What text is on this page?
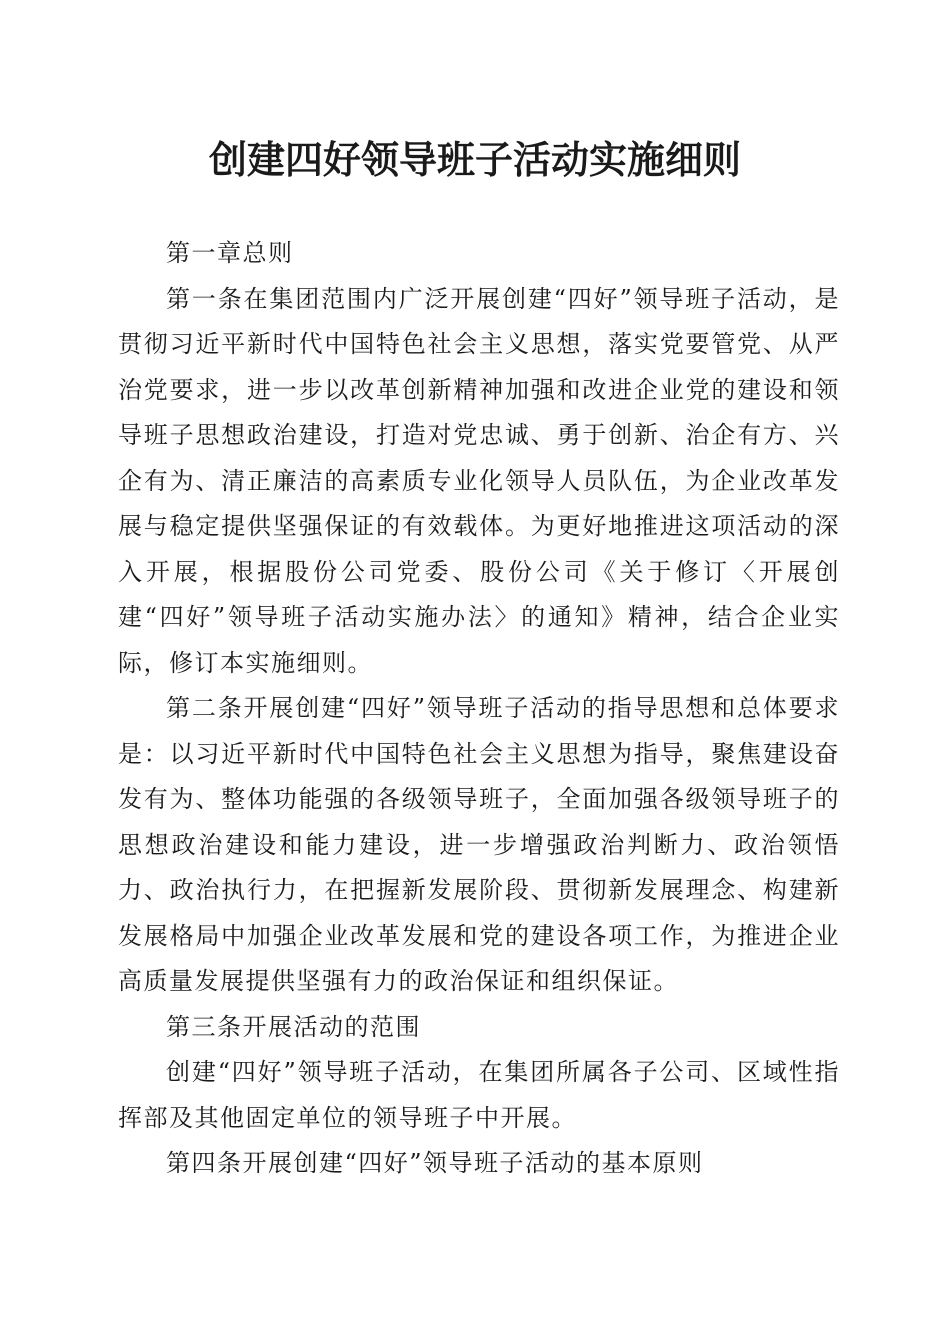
创建四好领导班子活动实施细则

第一章总则

第一条在集团范围内广泛开展创建“四好”领导班子活动，是贯彻习近平新时代中国特色社会主义思想，落实党要管党、从严治党要求，进一步以改革创新精神加强和改进企业党的建设和领导班子思想政治建设，打造对党忠诚、勇于创新、治企有方、兴企有为、清正廉洁的高素质专业化领导人员队伍，为企业改革发展与稳定提供坚强保证的有效载体。为更好地推进这项活动的深入开展，根据股份公司党委、股份公司《关于修订〈开展创建“四好”领导班子活动实施办法〉的通知》精神，结合企业实际，修订本实施细则。

第二条开展创建“四好”领导班子活动的指导思想和总体要求是：以习近平新时代中国特色社会主义思想为指导，聚焦建设奋发有为、整体功能强的各级领导班子，全面加强各级领导班子的思想政治建设和能力建设，进一步增强政治判断力、政治领悟力、政治执行力，在把握新发展阶段、贯彻新发展理念、构建新发展格局中加强企业改革发展和党的建设各项工作，为推进企业高质量发展提供坚强有力的政治保证和组织保证。

第三条开展活动的范围

创建“四好”领导班子活动，在集团所属各子公司、区域性指挥部及其他固定单位的领导班子中开展。

第四条开展创建“四好”领导班子活动的基本原则
